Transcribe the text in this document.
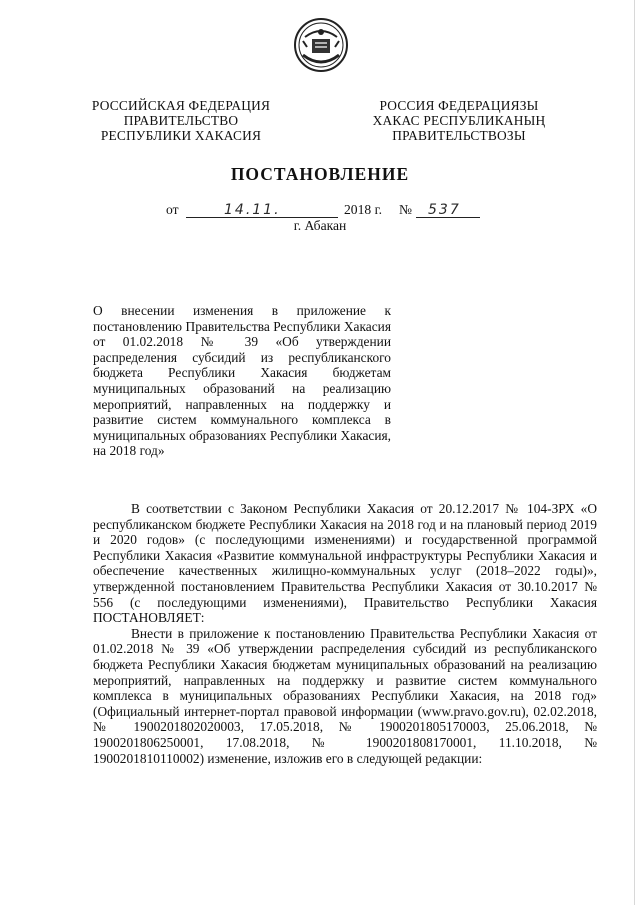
РОССИЙСКАЯ ФЕДЕРАЦИЯ
ПРАВИТЕЛЬСТВО
РЕСПУБЛИКИ ХАКАСИЯ
РОССИЯ ФЕДЕРАЦИЯЗЫ
ХАКАС РЕСПУБЛИКАНЫҢ
ПРАВИТЕЛЬСТВОЗЫ
ПОСТАНОВЛЕНИЕ
от	14.11.	2018 г. № 537
г. Абакан

О внесении изменения в приложение к постановлению Правительства Республики Хакасия от 01.02.2018 № 39 «Об утверждении распределения субсидий из республиканского бюджета Республики Хакасия бюджетам муниципальных образований на реализацию мероприятий, направленных на поддержку и развитие систем коммунального комплекса в муниципальных образованиях Республики Хакасия, на 2018 год»

В соответствии с Законом Республики Хакасия от 20.12.2017 № 104-ЗРХ «О республиканском бюджете Республики Хакасия на 2018 год и на плановый период 2019 и 2020 годов» (с последующими изменениями) и государственной программой Республики Хакасия «Развитие коммунальной инфраструктуры Республики Хакасия и обеспечение качественных жилищно-коммунальных услуг (2018–2022 годы)», утвержденной постановлением Правительства Республики Хакасия от 30.10.2017 № 556 (с последующими изменениями), Правительство Республики Хакасия ПОСТАНОВЛЯЕТ:

Внести в приложение к постановлению Правительства Республики Хакасия от 01.02.2018 № 39 «Об утверждении распределения субсидий из республиканского бюджета Республики Хакасия бюджетам муниципальных образований на реализацию мероприятий, направленных на поддержку и развитие систем коммунального комплекса в муниципальных образованиях Республики Хакасия, на 2018 год» (Официальный интернет-портал правовой информации (www.pravo.gov.ru), 02.02.2018, № 1900201802020003, 17.05.2018, № 1900201805170003, 25.06.2018, № 1900201806250001, 17.08.2018, № 1900201808170001, 11.10.2018, № 1900201810110002) изменение, изложив его в следующей редакции:
